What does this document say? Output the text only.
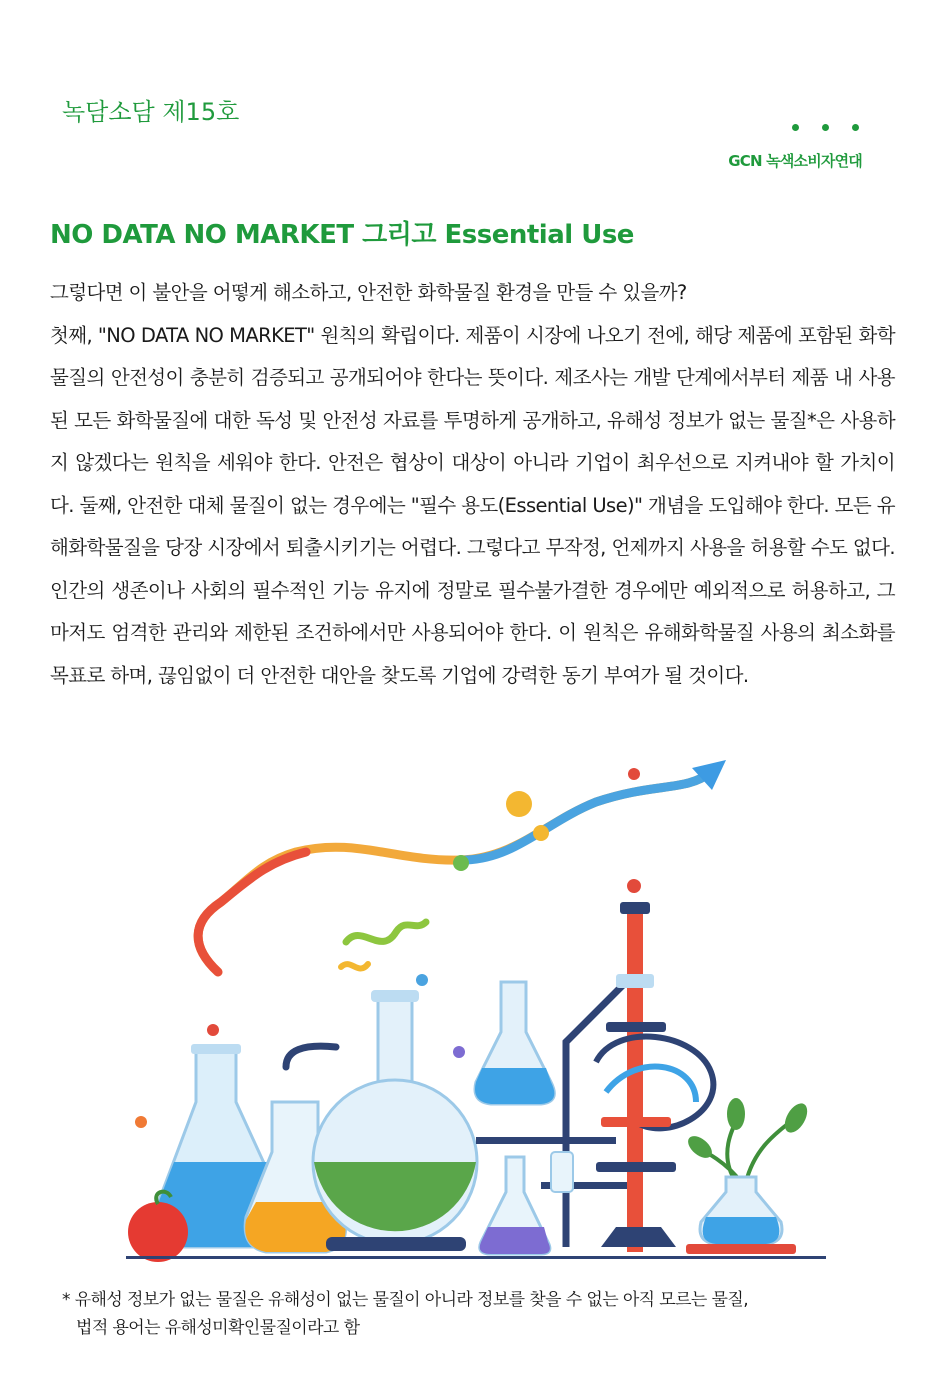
녹담소담 제15호
GCN 녹색소비자연대
NO DATA NO MARKET 그리고 Essential Use

그렇다면 이 불안을 어떻게 해소하고, 안전한 화학물질 환경을 만들 수 있을까?

첫째, "NO DATA NO MARKET" 원칙의 확립이다. 제품이 시장에 나오기 전에, 해당 제품에 포함된 화학물질의 안전성이 충분히 검증되고 공개되어야 한다는 뜻이다. 제조사는 개발 단계에서부터 제품 내 사용된 모든 화학물질에 대한 독성 및 안전성 자료를 투명하게 공개하고, 유해성 정보가 없는 물질*은 사용하지 않겠다는 원칙을 세워야 한다. 안전은 협상이 대상이 아니라 기업이 최우선으로 지켜내야 할 가치이다. 둘째, 안전한 대체 물질이 없는 경우에는 "필수 용도(Essential Use)" 개념을 도입해야 한다. 모든 유해화학물질을 당장 시장에서 퇴출시키기는 어렵다. 그렇다고 무작정, 언제까지 사용을 허용할 수도 없다. 인간의 생존이나 사회의 필수적인 기능 유지에 정말로 필수불가결한 경우에만 예외적으로 허용하고, 그마저도 엄격한 관리와 제한된 조건하에서만 사용되어야 한다. 이 원칙은 유해화학물질 사용의 최소화를 목표로 하며, 끊임없이 더 안전한 대안을 찾도록 기업에 강력한 동기 부여가 될 것이다.

* 유해성 정보가 없는 물질은 유해성이 없는 물질이 아니라 정보를 찾을 수 없는 아직 모르는 물질,
법적 용어는 유해성미확인물질이라고 함
